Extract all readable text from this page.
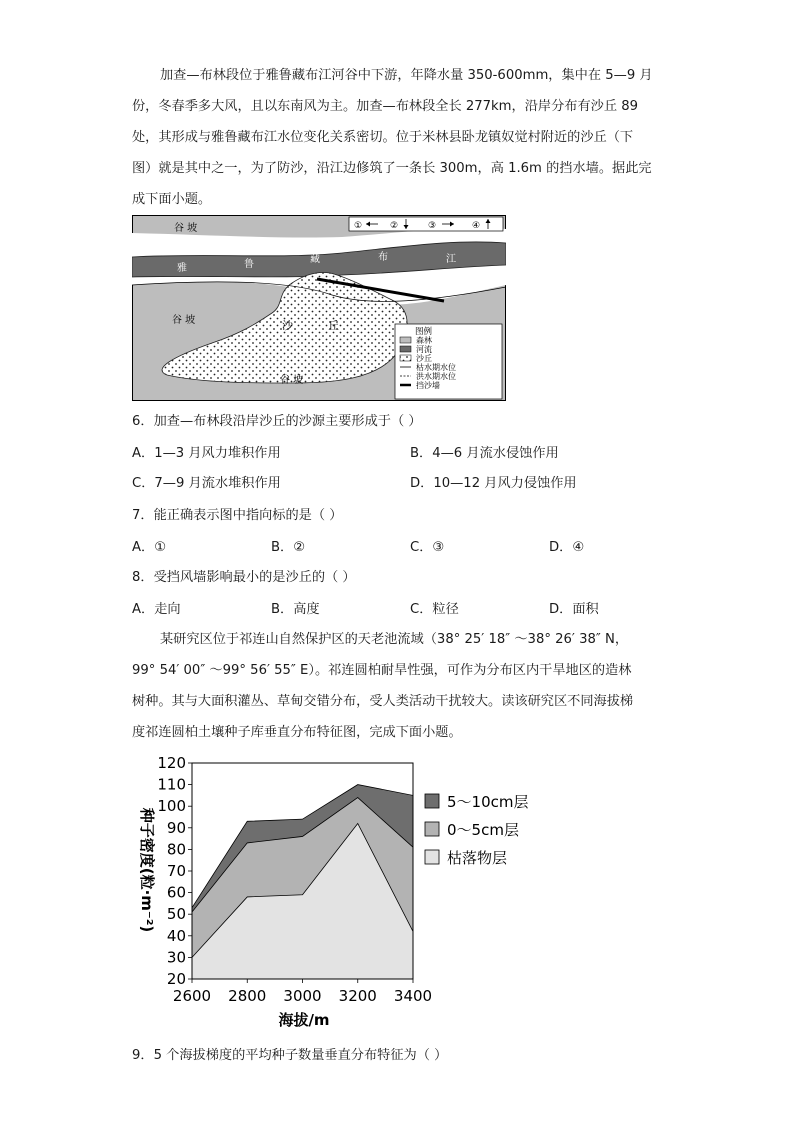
加查—布林段位于雅鲁藏布江河谷中下游，年降水量 350-600mm，集中在 5—9 月
份，冬春季多大风，且以东南风为主。加查—布林段全长 277km，沿岸分布有沙丘 89
处，其形成与雅鲁藏布江水位变化关系密切。位于米林县卧龙镇奴觉村附近的沙丘（下
图）就是其中之一，为了防沙，沿江边修筑了一条长 300m，高 1.6m 的挡水墙。据此完
成下面小题。
①	②	③	④
谷 坡
谷 坡
谷 坡
雅	鲁	藏	布	江
沙	丘	图例
森林
河流
沙丘
枯水期水位
洪水期水位
挡沙墙

6．加查—布林段沿岸沙丘的沙源主要形成于（ ）

A．1—3 月风力堆积作用	B．4—6 月流水侵蚀作用
C．7—9 月流水堆积作用	D．10—12 月风力侵蚀作用

7．能正确表示图中指向标的是（ ）

A．①	B．②	C．③	D．④

8．受挡风墙影响最小的是沙丘的（ ）

A．走向	B．高度	C．粒径	D．面积
某研究区位于祁连山自然保护区的天老池流域（38° 25′ 18″ ～38° 26′ 38″ N，
99° 54′ 00″ ～99° 56′ 55″ E）。祁连圆柏耐旱性强，可作为分布区内干旱地区的造林
树种。其与大面积灌丛、草甸交错分布，受人类活动干扰较大。读该研究区不同海拔梯
度祁连圆柏土壤种子库垂直分布特征图，完成下面小题。
20
30
40
50
60
70
80
90
100
110
120
2600 2800 3000 3200 3400
海拔/m
种子密度(粒·m⁻²)
5～10cm层
0～5cm层
枯落物层

9．5 个海拔梯度的平均种子数量垂直分布特征为（ ）
